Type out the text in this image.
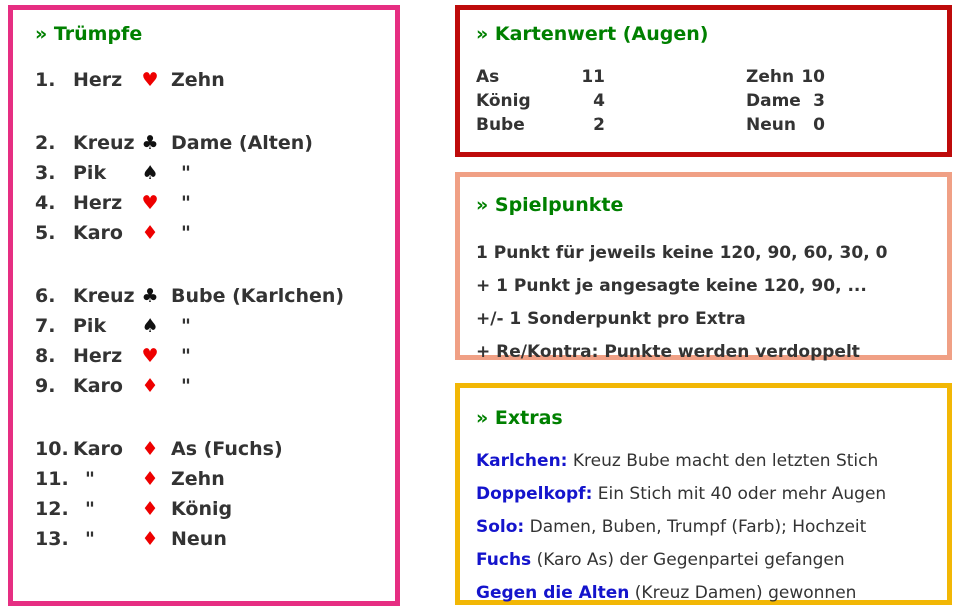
» Trümpfe
1. Herz	♥ Zehn
2. Kreuz ♣ Dame (Alten)
3. Pik	♠	"
4. Herz	♥	"
5. Karo ♦	"
6. Kreuz ♣ Bube (Karlchen)
7. Pik	♠	"
8. Herz	♥	"
9. Karo ♦	"
10. Karo ♦ As (Fuchs)
11. "	♦ Zehn
12. "	♦ König
13. "	♦ Neun
» Kartenwert (Augen)
As	11	Zehn 10
König	4	Dame 3
Bube	2	Neun 0
» Spielpunkte

1 Punkt für jeweils keine 120, 90, 60, 30, 0

+ 1 Punkt je angesagte keine 120, 90, ...

+/- 1 Sonderpunkt pro Extra

+ Re/Kontra: Punkte werden verdoppelt

» Extras

Karlchen: Kreuz Bube macht den letzten Stich

Doppelkopf: Ein Stich mit 40 oder mehr Augen

Solo: Damen, Buben, Trumpf (Farb); Hochzeit

Fuchs (Karo As) der Gegenpartei gefangen

Gegen die Alten (Kreuz Damen) gewonnen
